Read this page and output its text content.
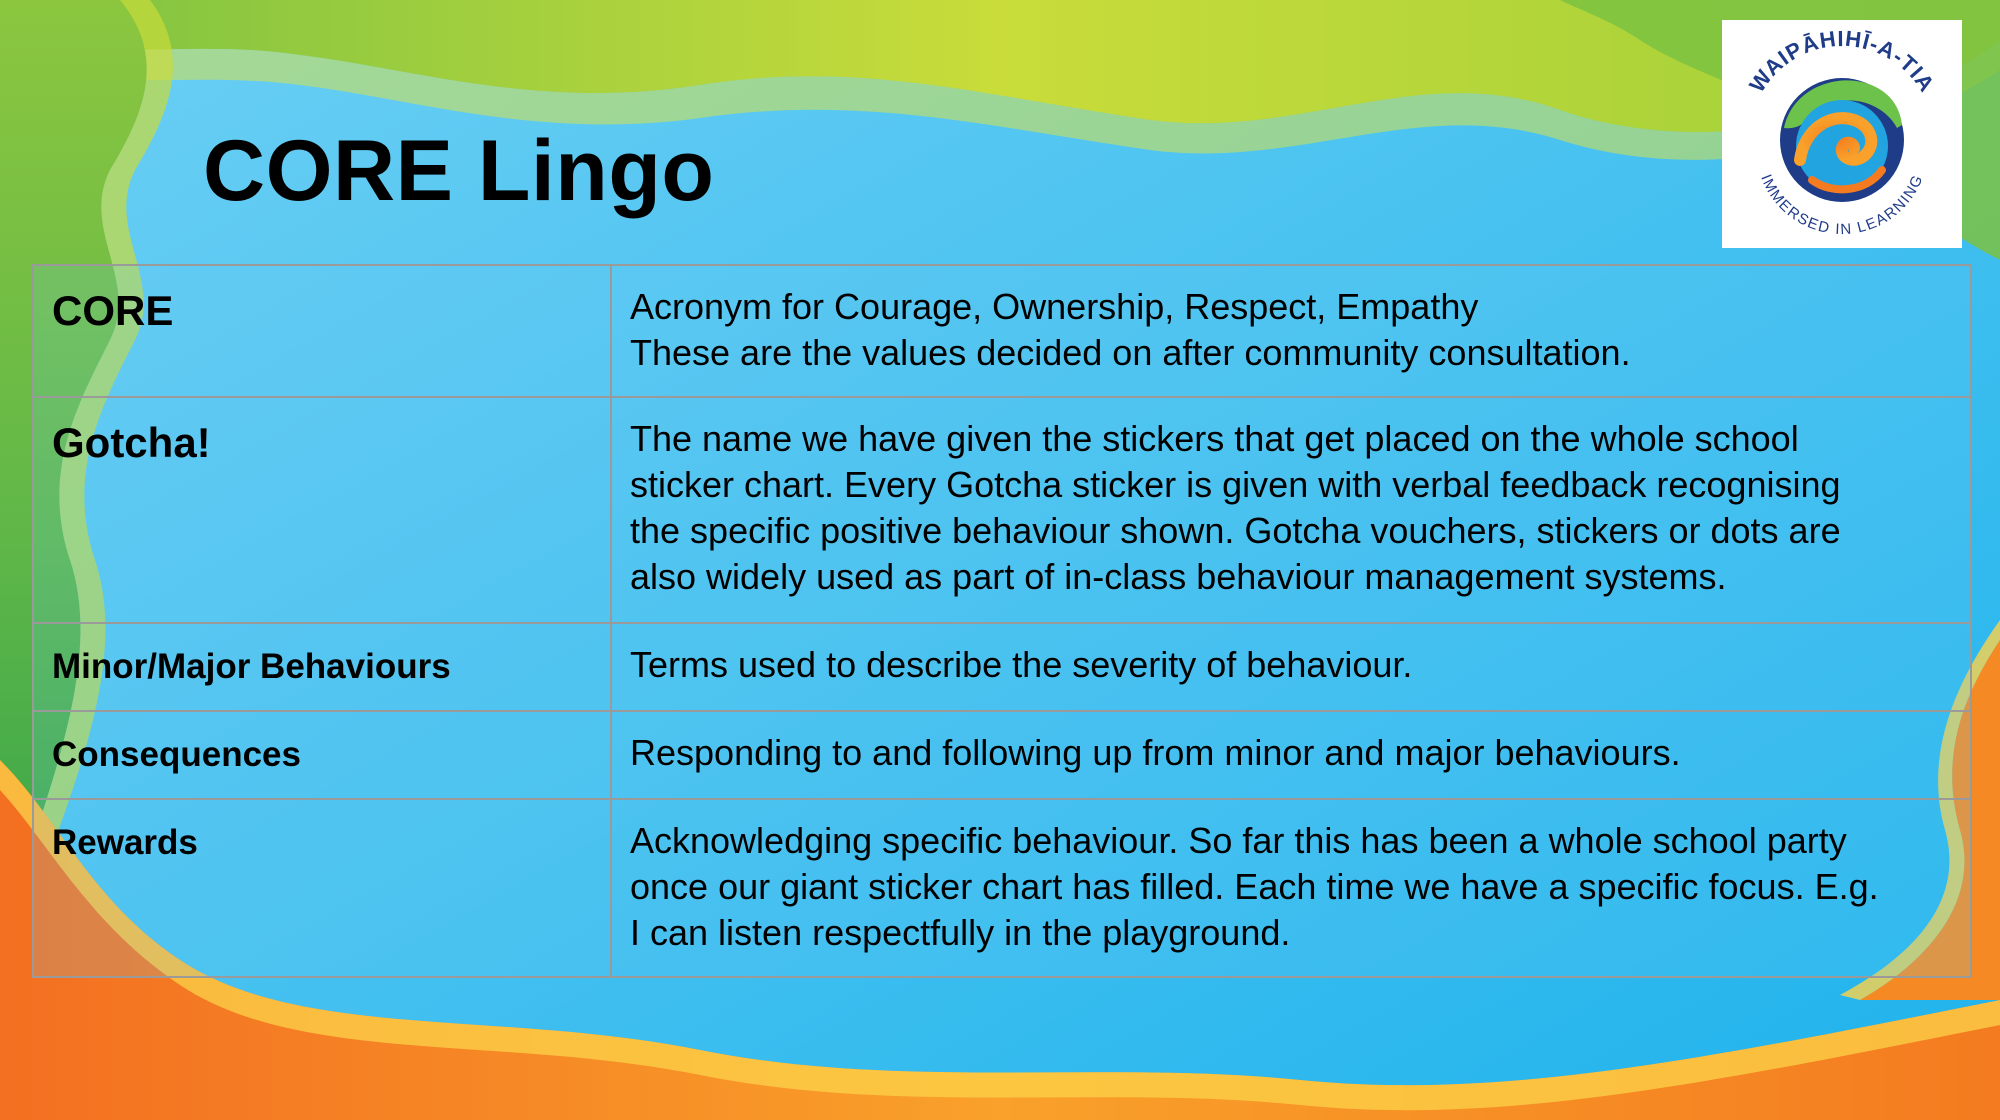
WAIPĀHIHĪ-A-TIA
IMMERSED IN LEARNING
CORE Lingo
CORE	Acronym for Courage, Ownership, Respect, Empathy
These are the values decided on after community consultation.

Gotcha!	The name we have given the stickers that get placed on the whole school
sticker chart. Every Gotcha sticker is given with verbal feedback recognising
the specific positive behaviour shown. Gotcha vouchers, stickers or dots are
also widely used as part of in-class behaviour management systems.

Minor/Major Behaviours	Terms used to describe the severity of behaviour.

Consequences	Responding to and following up from minor and major behaviours.

Rewards	Acknowledging specific behaviour. So far this has been a whole school party
once our giant sticker chart has filled. Each time we have a specific focus. E.g.
I can listen respectfully in the playground.
